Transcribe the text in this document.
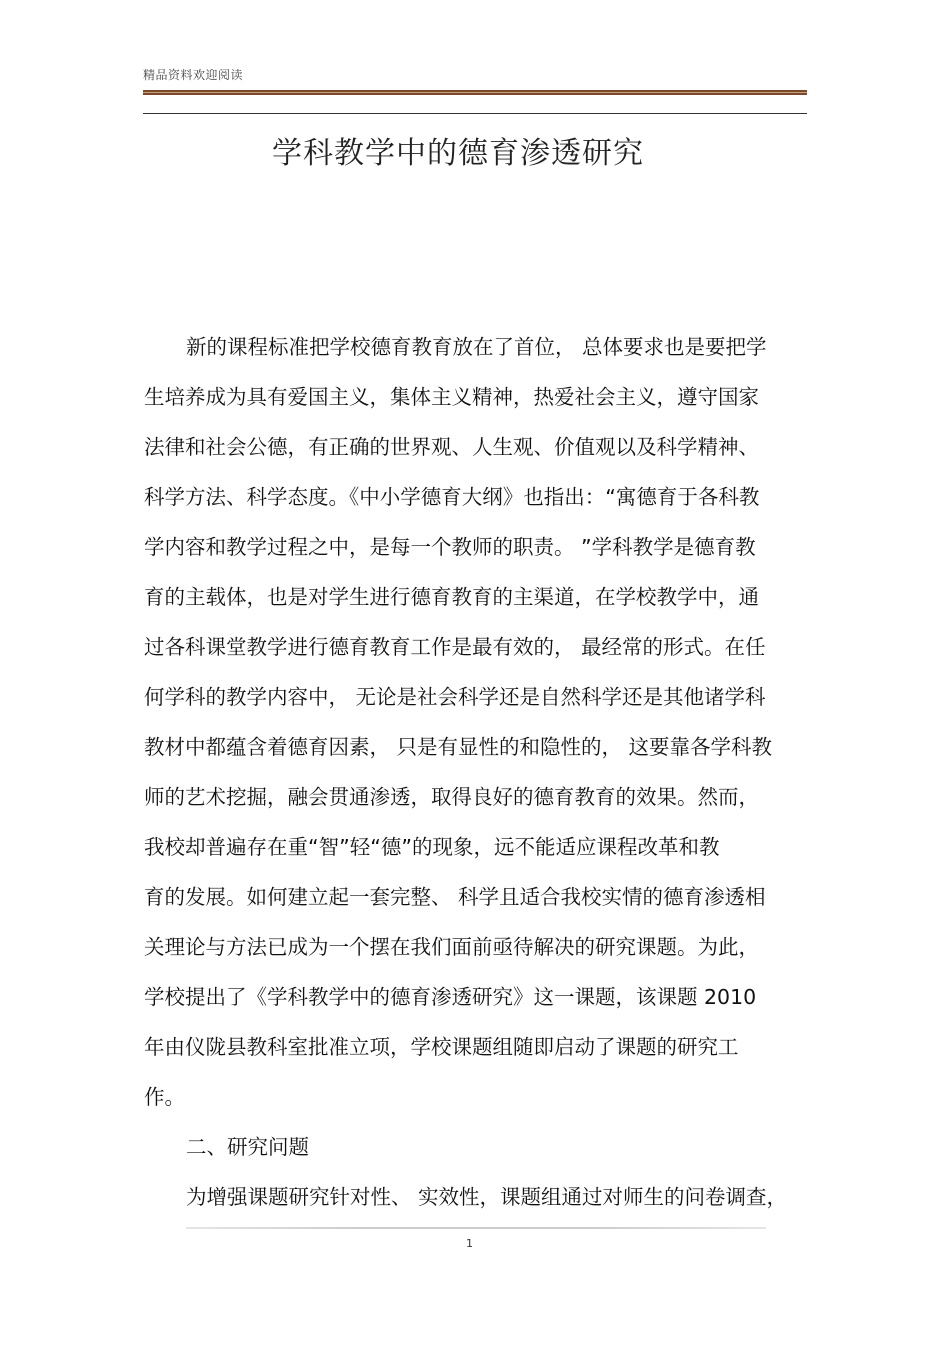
精品资料欢迎阅读
学科教学中的德育渗透研究
新的课程标准把学校德育教育放在了首位， 总体要求也是要把学
生培养成为具有爱国主义，集体主义精神，热爱社会主义，遵守国家
法律和社会公德，有正确的世界观、人生观、价值观以及科学精神、
科学方法、科学态度。《中小学德育大纲》也指出：“寓德育于各科教
学内容和教学过程之中，是每一个教师的职责。 ”学科教学是德育教
育的主载体，也是对学生进行德育教育的主渠道，在学校教学中，通
过各科课堂教学进行德育教育工作是最有效的， 最经常的形式。在任
何学科的教学内容中， 无论是社会科学还是自然科学还是其他诸学科
教材中都蕴含着德育因素， 只是有显性的和隐性的， 这要靠各学科教
师的艺术挖掘，融会贯通渗透，取得良好的德育教育的效果。然而，
我校却普遍存在重“智”轻“德”的现象，远不能适应课程改革和教
育的发展。如何建立起一套完整、 科学且适合我校实情的德育渗透相
关理论与方法已成为一个摆在我们面前亟待解决的研究课题。为此，
学校提出了《学科教学中的德育渗透研究》这一课题，该课题 2010
年由仪陇县教科室批准立项，学校课题组随即启动了课题的研究工
作。
二、研究问题
为增强课题研究针对性、 实效性，课题组通过对师生的问卷调查，
1
